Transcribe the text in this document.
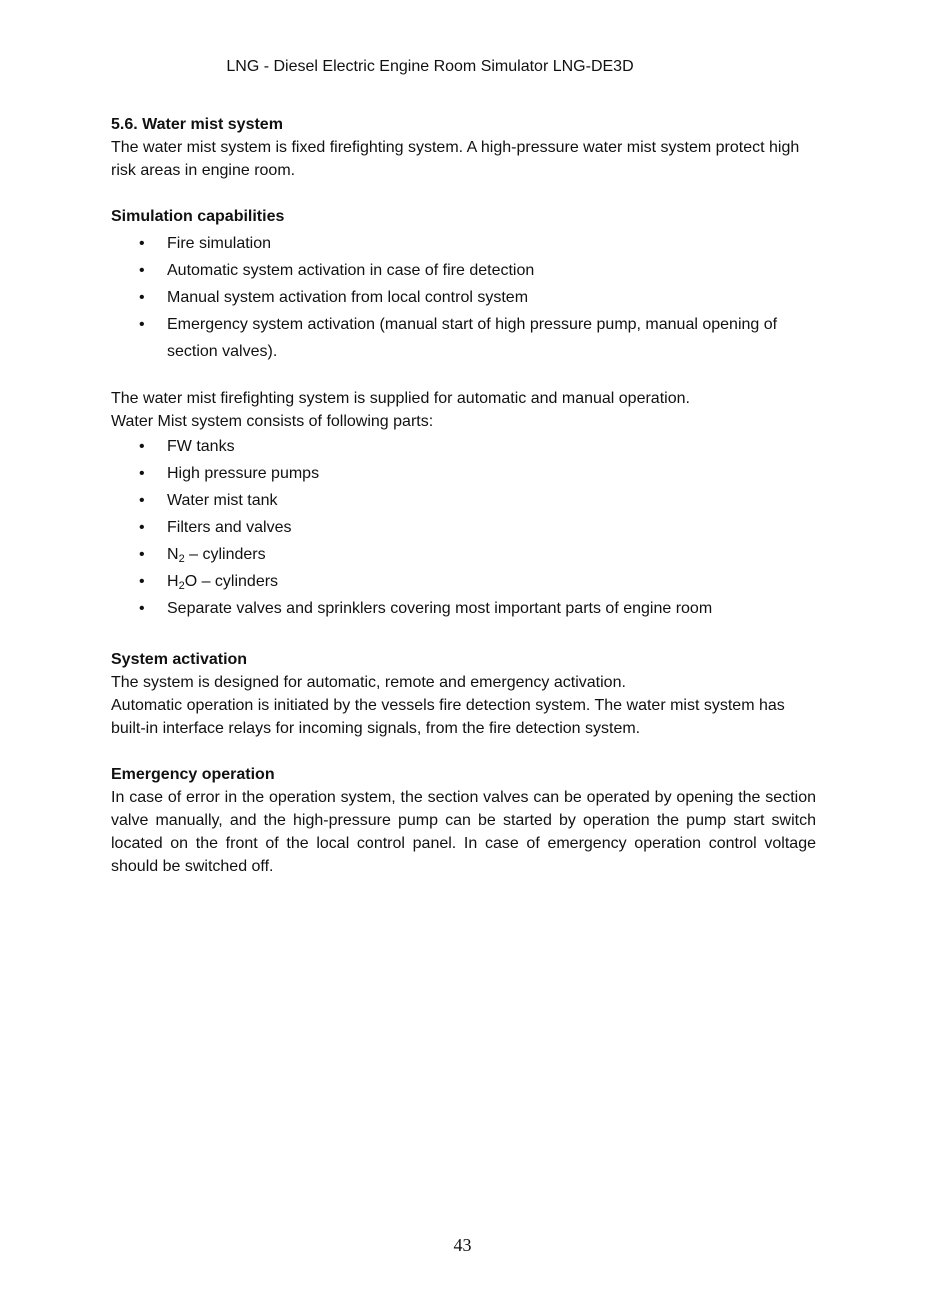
LNG - Diesel Electric Engine Room Simulator LNG-DE3D

5.6. Water mist system

The water mist system is fixed firefighting system. A high-pressure water mist system protect high risk areas in engine room.

Simulation capabilities

• Fire simulation
• Automatic system activation in case of fire detection
• Manual system activation from local control system
• Emergency system activation (manual start of high pressure pump, manual opening of section valves).

The water mist firefighting system is supplied for automatic and manual operation.

Water Mist system consists of following parts:

• FW tanks
• High pressure pumps
• Water mist tank
• Filters and valves
• $N_2$ – cylinders
• $H_2O$ – cylinders
• Separate valves and sprinklers covering most important parts of engine room

System activation

The system is designed for automatic, remote and emergency activation.

Automatic operation is initiated by the vessels fire detection system. The water mist system has built-in interface relays for incoming signals, from the fire detection system.

Emergency operation

In case of error in the operation system, the section valves can be operated by opening the section valve manually, and the high-pressure pump can be started by operation the pump start switch located on the front of the local control panel. In case of emergency operation control voltage should be switched off.

43
